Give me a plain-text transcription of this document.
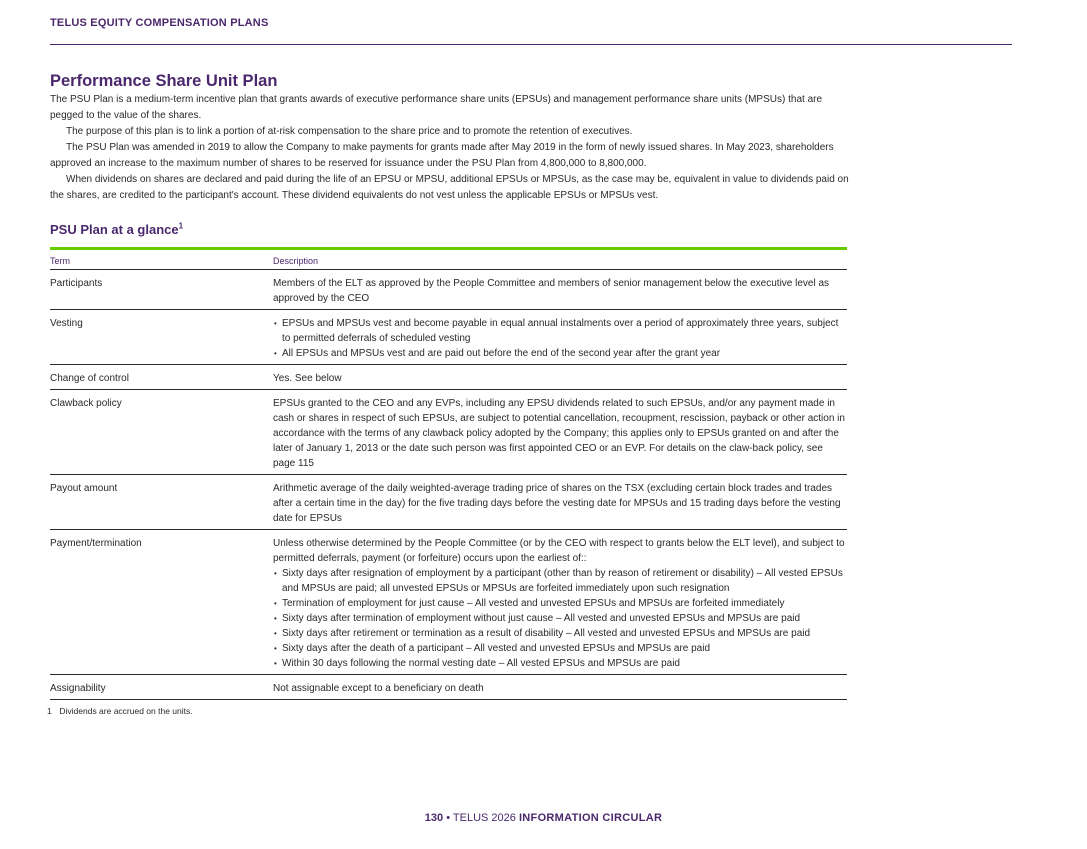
TELUS EQUITY COMPENSATION PLANS
Performance Share Unit Plan

The PSU Plan is a medium-term incentive plan that grants awards of executive performance share units (EPSUs) and management performance share units (MPSUs) that are pegged to the value of the shares.

The purpose of this plan is to link a portion of at-risk compensation to the share price and to promote the retention of executives.

The PSU Plan was amended in 2019 to allow the Company to make payments for grants made after May 2019 in the form of newly issued shares. In May 2023, shareholders approved an increase to the maximum number of shares to be reserved for issuance under the PSU Plan from 4,800,000 to 8,800,000.

When dividends on shares are declared and paid during the life of an EPSU or MPSU, additional EPSUs or MPSUs, as the case may be, equivalent in value to dividends paid on the shares, are credited to the participant's account. These dividend equivalents do not vest unless the applicable EPSUs or MPSUs vest.

PSU Plan at a glance$^1$
Term	Description
Participants	Members of the ELT as approved by the People Committee and members of senior management below the executive level as approved by the CEO
Vesting
•	EPSUs and MPSUs vest and become payable in equal annual instalments over a period of approximately three years, subject to permitted deferrals of scheduled vesting
• All EPSUs and MPSUs vest and are paid out before the end of the second year after the grant year
Change of control	Yes. See below
Clawback policy	EPSUs granted to the CEO and any EVPs, including any EPSU dividends related to such EPSUs, and/or any payment made in cash or shares in respect of such EPSUs, are subject to potential cancellation, recoupment, rescission, payback or other action in accordance with the terms of any clawback policy adopted by the Company; this applies only to EPSUs granted on and after the later of January 1, 2013 or the date such person was first appointed CEO or an EVP. For details on the claw-back policy, see page 115
Payout amount	Arithmetic average of the daily weighted-average trading price of shares on the TSX (excluding certain block trades and trades after a certain time in the day) for the five trading days before the vesting date for MPSUs and 15 trading days before the vesting date for EPSUs
Payment/termination	Unless otherwise determined by the People Committee (or by the CEO with respect to grants below the ELT level), and subject to permitted deferrals, payment (or forfeiture) occurs upon the earliest of::
• Sixty days after resignation of employment by a participant (other than by reason of retirement or disability) – All vested EPSUs and MPSUs are paid; all unvested EPSUs or MPSUs are forfeited immediately upon such resignation
• Termination of employment for just cause – All vested and unvested EPSUs and MPSUs are forfeited immediately
• Sixty days after termination of employment without just cause – All vested and unvested EPSUs and MPSUs are paid
• Sixty days after retirement or termination as a result of disability – All vested and unvested EPSUs and MPSUs are paid
• Sixty days after the death of a participant – All vested and unvested EPSUs and MPSUs are paid
• Within 30 days following the normal vesting date – All vested EPSUs and MPSUs are paid
Assignability	Not assignable except to a beneficiary on death
1 Dividends are accrued on the units.
130 • TELUS 2026 INFORMATION CIRCULAR
